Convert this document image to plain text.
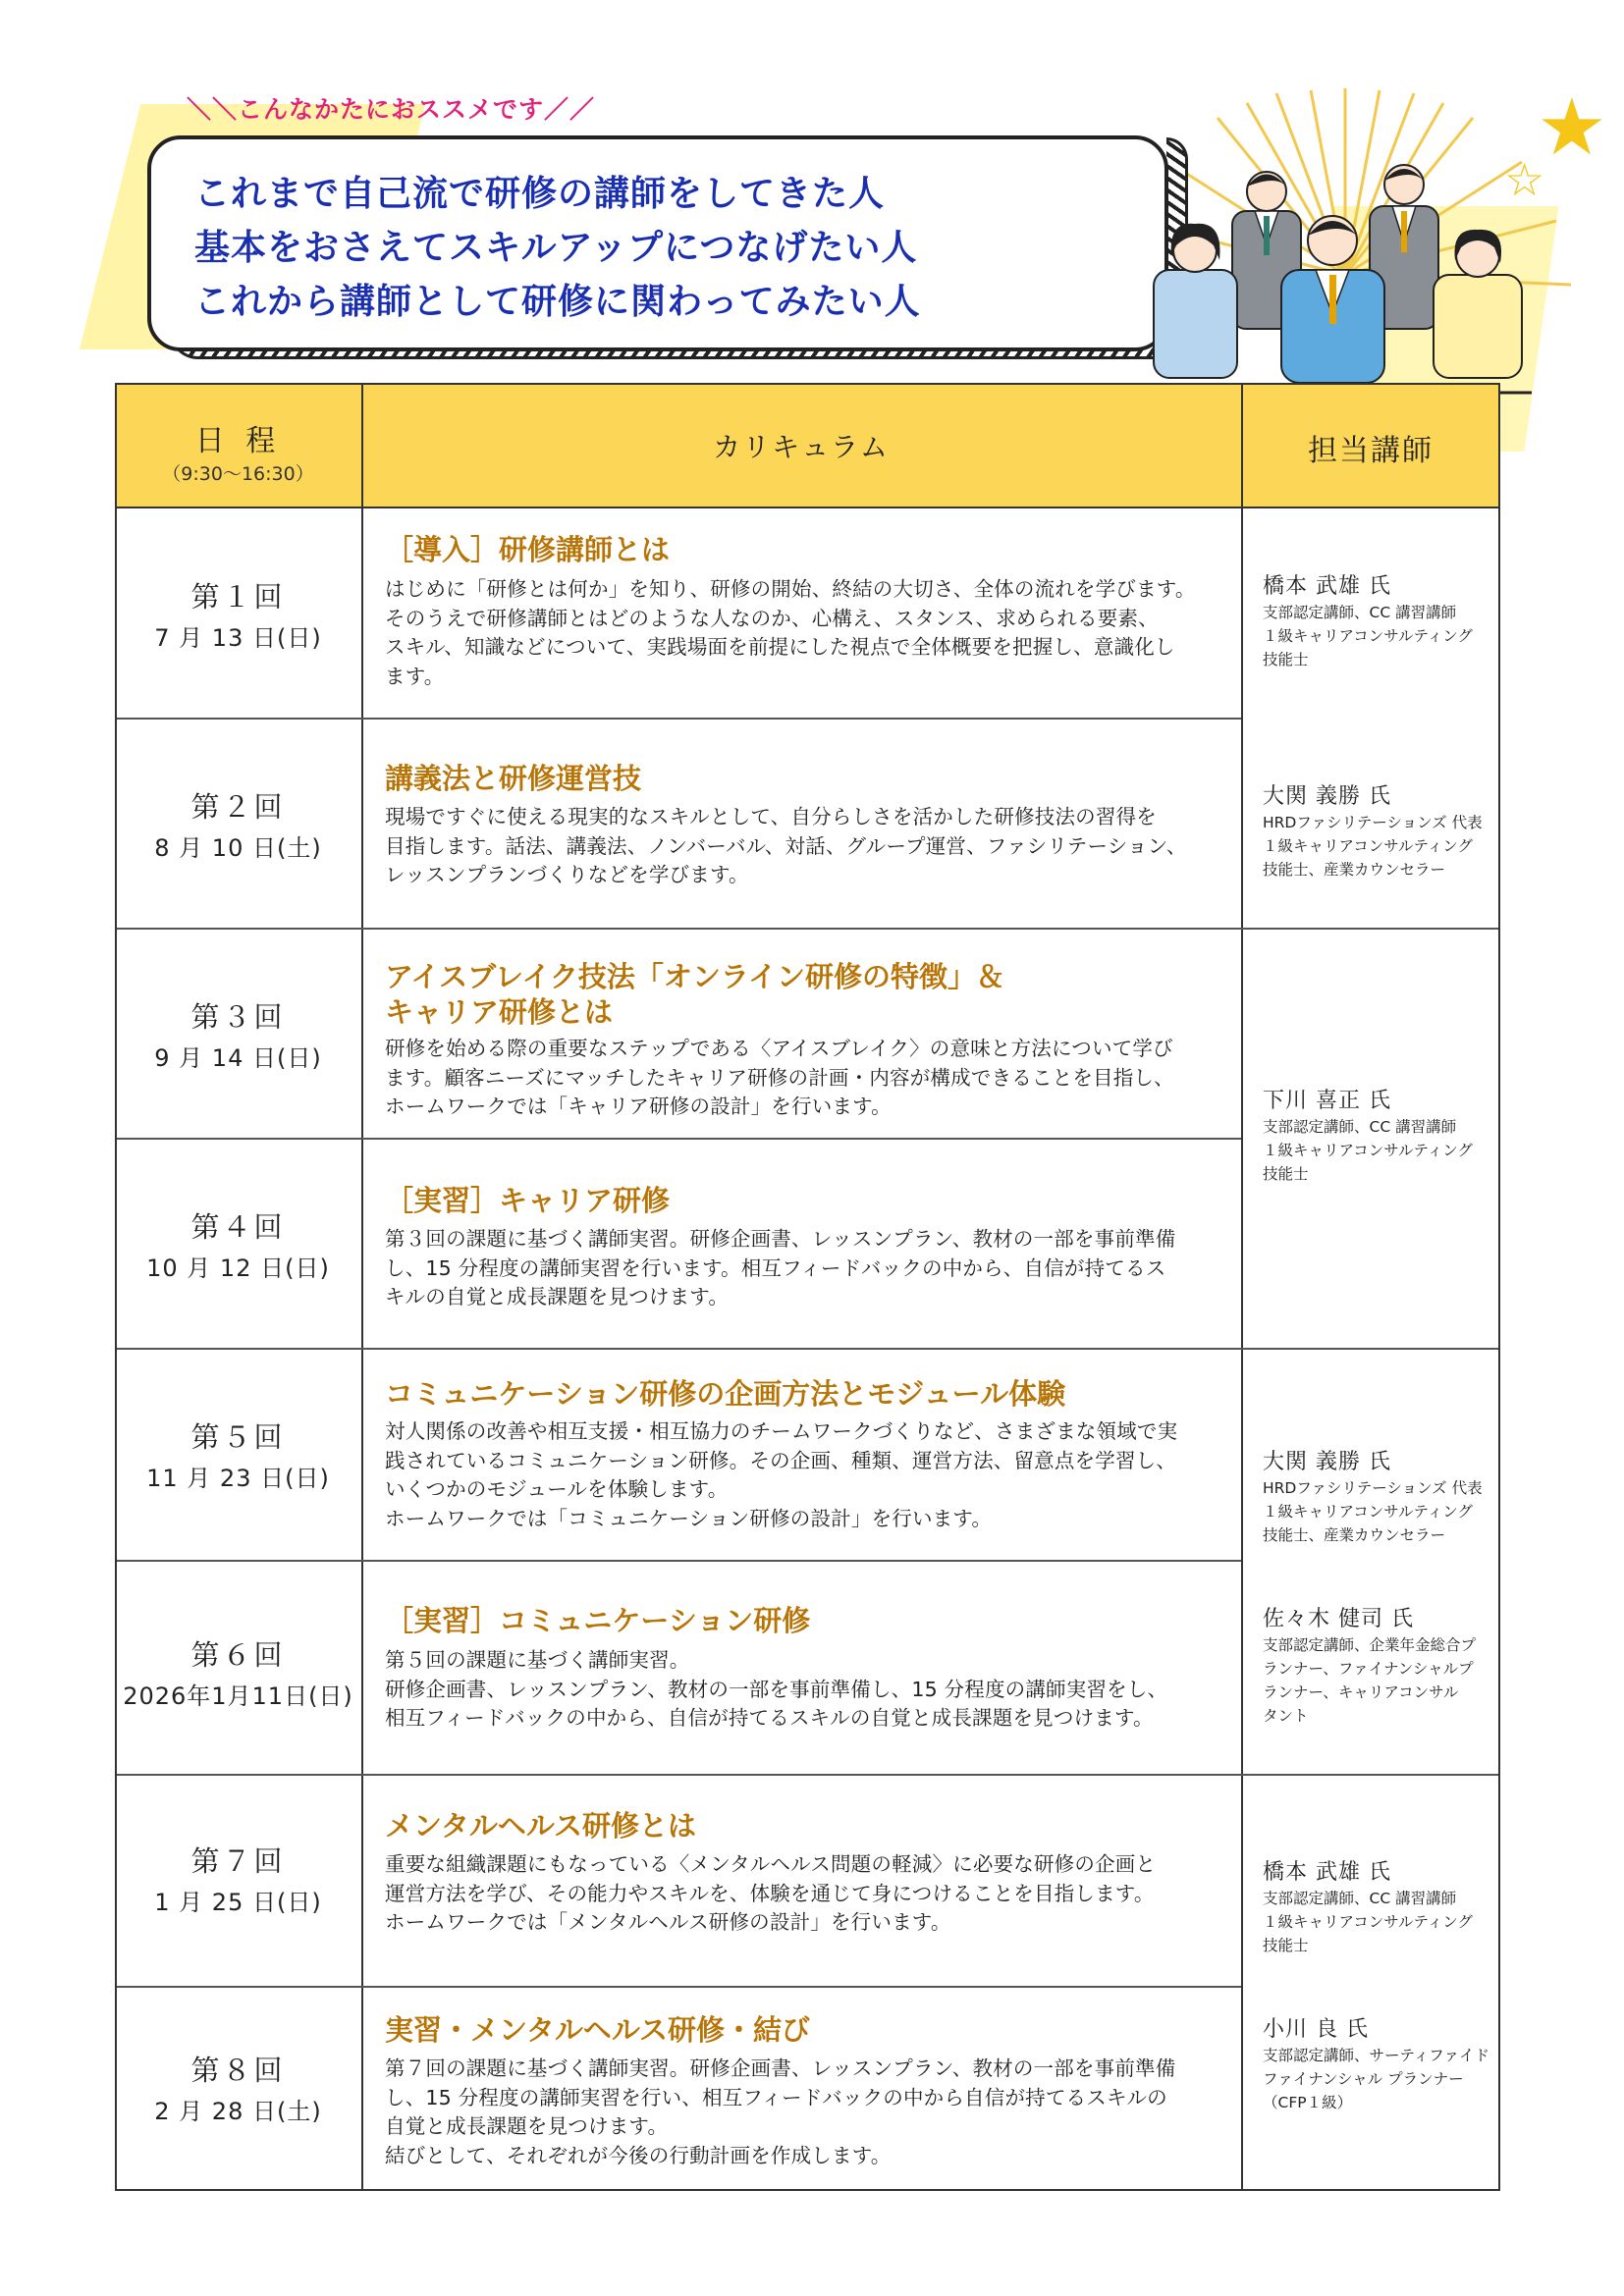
★
☆
＼＼こんなかたにおススメです／／
これまで自己流で研修の講師をしてきた人
基本をおさえてスキルアップにつなげたい人
これから講師として研修に関わってみたい人
日 程
（9:30〜16:30）
カリキュラム	担当講師
第１回
7 月 13 日(日)
［導入］研修講師とは
はじめに「研修とは何か」を知り、研修の開始、終結の大切さ、全体の流れを学びます。
そのうえで研修講師とはどのような人なのか、心構え、スタンス、求められる要素、
スキル、知識などについて、実践場面を前提にした視点で全体概要を把握し、意識化し
ます。
第２回
8 月 10 日(土)
講義法と研修運営技
現場ですぐに使える現実的なスキルとして、自分らしさを活かした研修技法の習得を
目指します。話法、講義法、ノンバーバル、対話、グループ運営、ファシリテーション、
レッスンプランづくりなどを学びます。
第３回
9 月 14 日(日)
アイスブレイク技法「オンライン研修の特徴」＆
キャリア研修とは
研修を始める際の重要なステップである〈アイスブレイク〉の意味と方法について学び
ます。顧客ニーズにマッチしたキャリア研修の計画・内容が構成できることを目指し、
ホームワークでは「キャリア研修の設計」を行います。
第４回
10 月 12 日(日)
［実習］キャリア研修
第３回の課題に基づく講師実習。研修企画書、レッスンプラン、教材の一部を事前準備
し、15 分程度の講師実習を行います。相互フィードバックの中から、自信が持てるス
キルの自覚と成長課題を見つけます。
第５回
11 月 23 日(日)
コミュニケーション研修の企画方法とモジュール体験
対人関係の改善や相互支援・相互協力のチームワークづくりなど、さまざまな領域で実
践されているコミュニケーション研修。その企画、種類、運営方法、留意点を学習し、
いくつかのモジュールを体験します。
ホームワークでは「コミュニケーション研修の設計」を行います。
第６回
2026年1月11日(日)
［実習］コミュニケーション研修
第５回の課題に基づく講師実習。
研修企画書、レッスンプラン、教材の一部を事前準備し、15 分程度の講師実習をし、
相互フィードバックの中から、自信が持てるスキルの自覚と成長課題を見つけます。
第７回
1 月 25 日(日)
メンタルヘルス研修とは
重要な組織課題にもなっている〈メンタルヘルス問題の軽減〉に必要な研修の企画と
運営方法を学び、その能力やスキルを、体験を通じて身につけることを目指します。
ホームワークでは「メンタルヘルス研修の設計」を行います。
第８回
2 月 28 日(土)
実習・メンタルヘルス研修・結び
第７回の課題に基づく講師実習。研修企画書、レッスンプラン、教材の一部を事前準備
し、15 分程度の講師実習を行い、相互フィードバックの中から自信が持てるスキルの
自覚と成長課題を見つけます。
結びとして、それぞれが今後の行動計画を作成します。
橋本 武雄 氏
支部認定講師、CC 講習講師
１級キャリアコンサルティング
技能士
大関 義勝 氏
HRDファシリテーションズ 代表
１級キャリアコンサルティング
技能士、産業カウンセラー
下川 喜正 氏
支部認定講師、CC 講習講師
１級キャリアコンサルティング
技能士
大関 義勝 氏
HRDファシリテーションズ 代表
１級キャリアコンサルティング
技能士、産業カウンセラー
佐々木 健司 氏
支部認定講師、企業年金総合プ
ランナー、ファイナンシャルプ
ランナー、キャリアコンサル
タント
橋本 武雄 氏
支部認定講師、CC 講習講師
１級キャリアコンサルティング
技能士
小川 良 氏
支部認定講師、サーティファイド
ファイナンシャル プランナー
（CFP１級）
